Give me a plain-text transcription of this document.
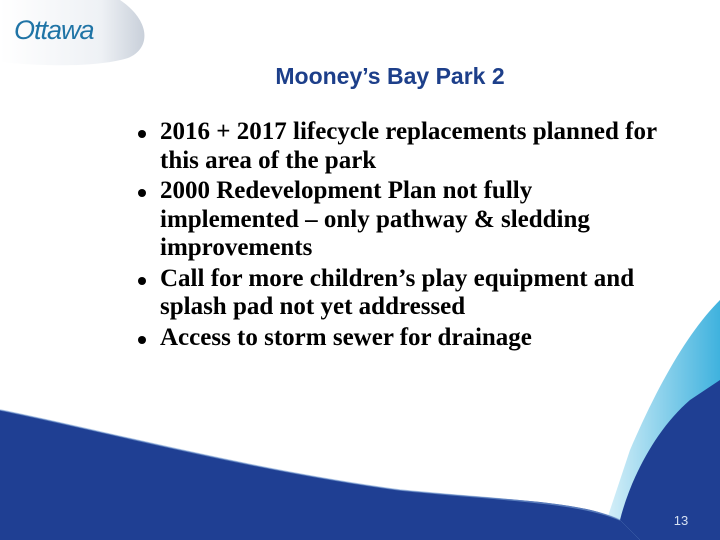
Ottawa
Mooney’s Bay Park 2
2016 + 2017 lifecycle replacements planned for this area of the park
2000 Redevelopment Plan not fully implemented – only pathway & sledding improvements
Call for more children’s play equipment and splash pad not yet addressed
Access to storm sewer for drainage
13
